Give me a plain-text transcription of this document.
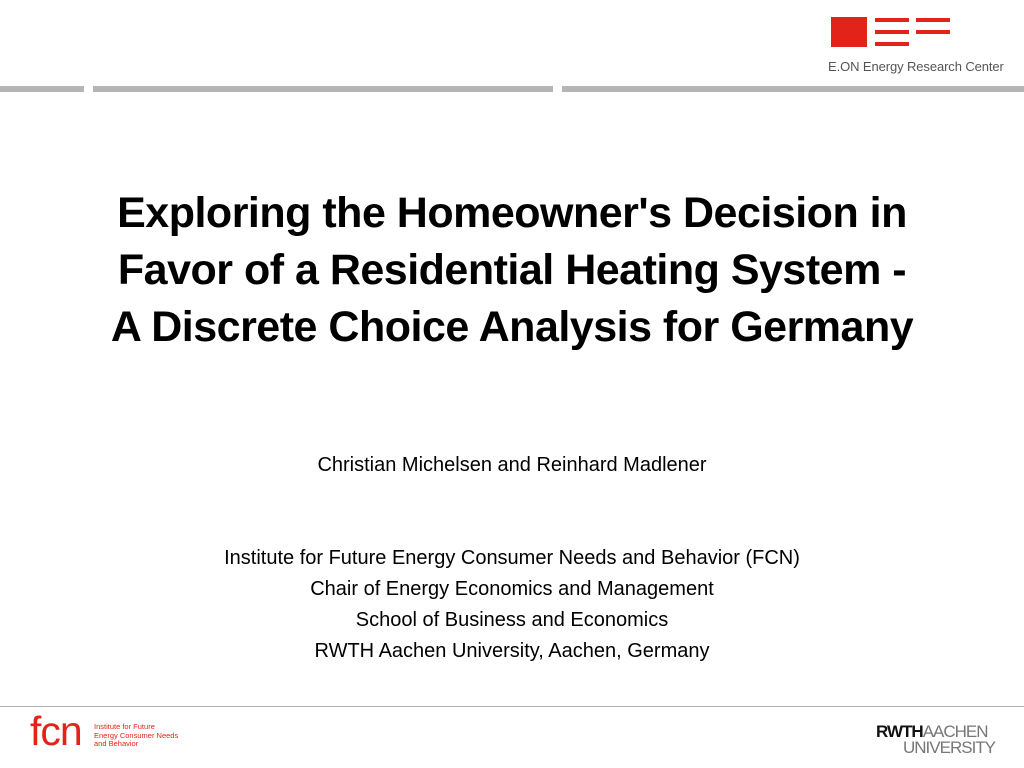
E.ON Energy Research Center
Exploring the Homeowner's Decision in
Favor of a Residential Heating System -
A Discrete Choice Analysis for Germany
Christian Michelsen and Reinhard Madlener
Institute for Future Energy Consumer Needs and Behavior (FCN)
Chair of Energy Economics and Management
School of Business and Economics
RWTH Aachen University, Aachen, Germany
fcn Institute for Future
Energy Consumer Needs
and Behavior
RWTHAACHEN
UNIVERSITY
